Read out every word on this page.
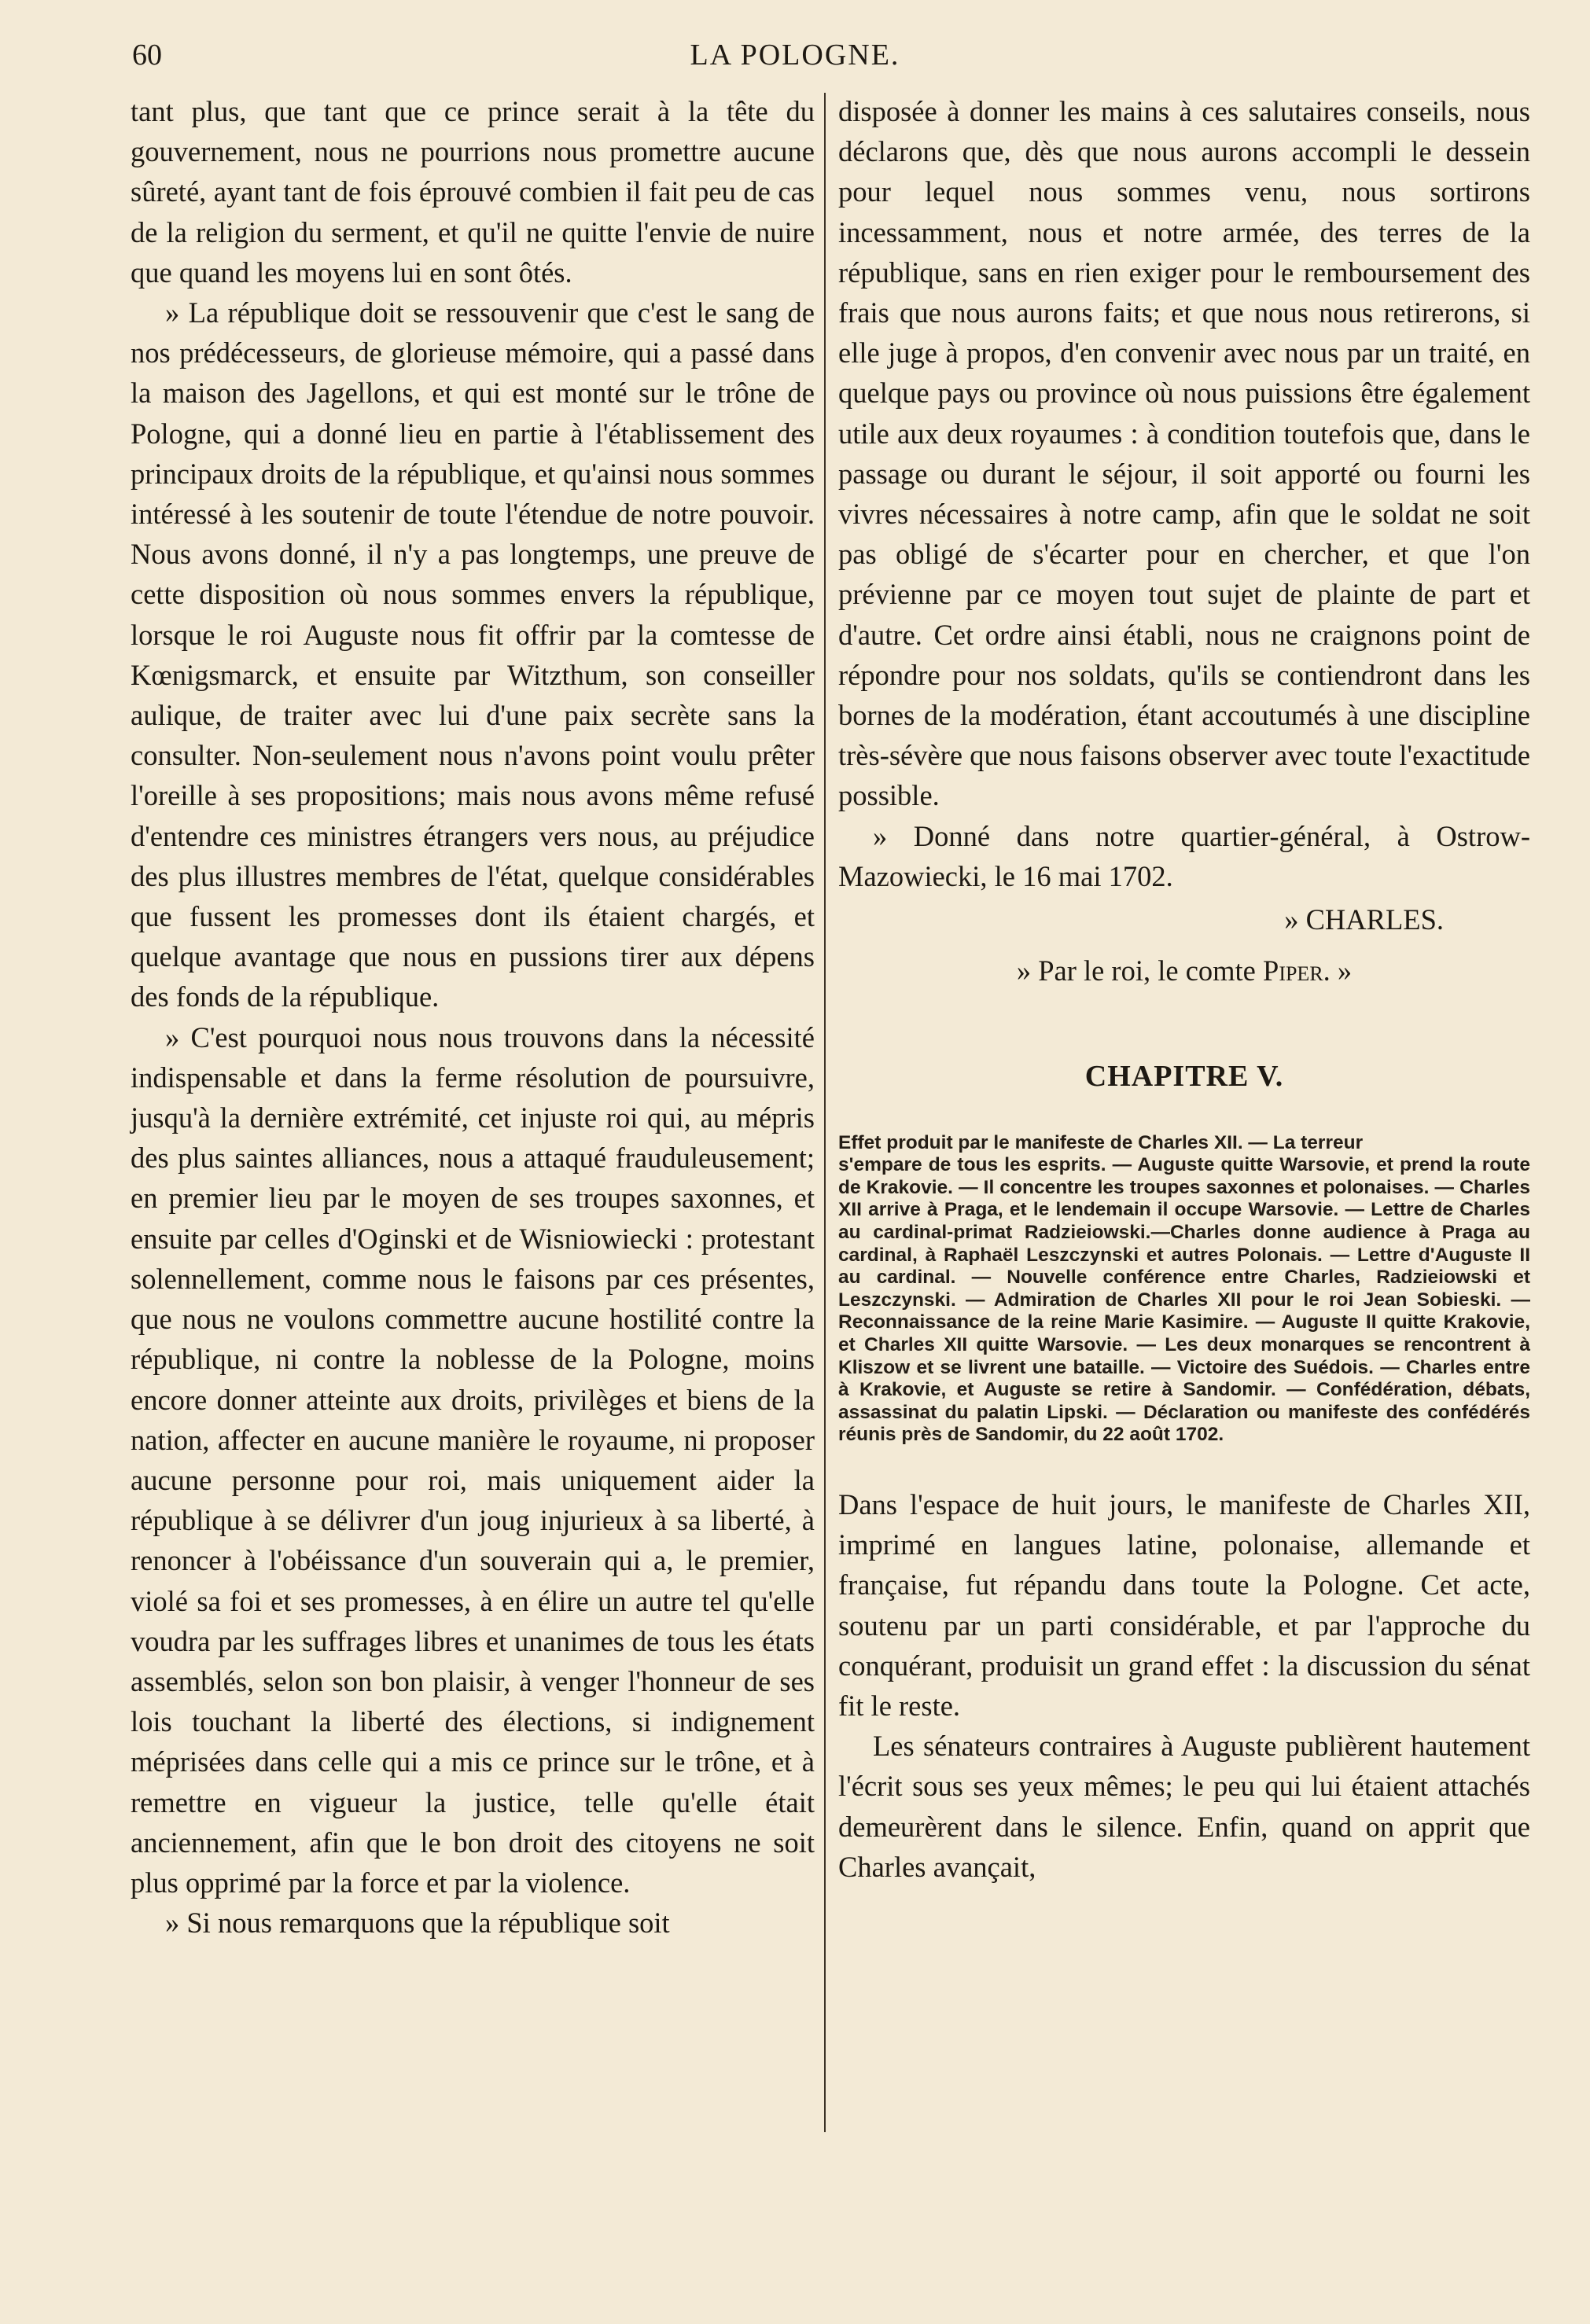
60	LA POLOGNE.

tant plus, que tant que ce prince serait à la tête du gouvernement, nous ne pourrions nous promettre aucune sûreté, ayant tant de fois éprouvé combien il fait peu de cas de la religion du serment, et qu'il ne quitte l'envie de nuire que quand les moyens lui en sont ôtés.

» La république doit se ressouvenir que c'est le sang de nos prédécesseurs, de glorieuse mémoire, qui a passé dans la maison des Jagellons, et qui est monté sur le trône de Pologne, qui a donné lieu en partie à l'établissement des principaux droits de la république, et qu'ainsi nous sommes intéressé à les soutenir de toute l'étendue de notre pouvoir. Nous avons donné, il n'y a pas longtemps, une preuve de cette disposition où nous sommes envers la république, lorsque le roi Auguste nous fit offrir par la comtesse de Kœnigsmarck, et ensuite par Witzthum, son conseiller aulique, de traiter avec lui d'une paix secrète sans la consulter. Non-seulement nous n'avons point voulu prêter l'oreille à ses propositions; mais nous avons même refusé d'entendre ces ministres étrangers vers nous, au préjudice des plus illustres membres de l'état, quelque considérables que fussent les promesses dont ils étaient chargés, et quelque avantage que nous en pussions tirer aux dépens des fonds de la république.

» C'est pourquoi nous nous trouvons dans la nécessité indispensable et dans la ferme résolution de poursuivre, jusqu'à la dernière extrémité, cet injuste roi qui, au mépris des plus saintes alliances, nous a attaqué frauduleusement; en premier lieu par le moyen de ses troupes saxonnes, et ensuite par celles d'Oginski et de Wisniowiecki : protestant solennellement, comme nous le faisons par ces présentes, que nous ne voulons commettre aucune hostilité contre la république, ni contre la noblesse de la Pologne, moins encore donner atteinte aux droits, privilèges et biens de la nation, affecter en aucune manière le royaume, ni proposer aucune personne pour roi, mais uniquement aider la république à se délivrer d'un joug injurieux à sa liberté, à renoncer à l'obéissance d'un souverain qui a, le premier, violé sa foi et ses promesses, à en élire un autre tel qu'elle voudra par les suffrages libres et unanimes de tous les états assemblés, selon son bon plaisir, à venger l'honneur de ses lois touchant la liberté des élections, si indignement méprisées dans celle qui a mis ce prince sur le trône, et à remettre en vigueur la justice, telle qu'elle était anciennement, afin que le bon droit des citoyens ne soit plus opprimé par la force et par la violence.

» Si nous remarquons que la république soit

disposée à donner les mains à ces salutaires conseils, nous déclarons que, dès que nous aurons accompli le dessein pour lequel nous sommes venu, nous sortirons incessamment, nous et notre armée, des terres de la république, sans en rien exiger pour le remboursement des frais que nous aurons faits; et que nous nous retirerons, si elle juge à propos, d'en convenir avec nous par un traité, en quelque pays ou province où nous puissions être également utile aux deux royaumes : à condition toutefois que, dans le passage ou durant le séjour, il soit apporté ou fourni les vivres nécessaires à notre camp, afin que le soldat ne soit pas obligé de s'écarter pour en chercher, et que l'on prévienne par ce moyen tout sujet de plainte de part et d'autre. Cet ordre ainsi établi, nous ne craignons point de répondre pour nos soldats, qu'ils se contiendront dans les bornes de la modération, étant accoutumés à une discipline très-sévère que nous faisons observer avec toute l'exactitude possible.

» Donné dans notre quartier-général, à Ostrow-Mazowiecki, le 16 mai 1702.

» CHARLES.
» Par le roi, le comte Piper. »
CHAPITRE V.
Effet produit par le manifeste de Charles XII. — La terreur
s'empare de tous les esprits. — Auguste quitte Warsovie, et prend la route de Krakovie. — Il concentre les troupes saxonnes et polonaises. — Charles XII arrive à Praga, et le lendemain il occupe Warsovie. — Lettre de Charles au cardinal-primat Radzieiowski.—Charles donne audience à Praga au cardinal, à Raphaël Leszczynski et autres Polonais. — Lettre d'Auguste II au cardinal. — Nouvelle conférence entre Charles, Radzieiowski et Leszczynski. — Admiration de Charles XII pour le roi Jean Sobieski. — Reconnaissance de la reine Marie Kasimire. — Auguste II quitte Krakovie, et Charles XII quitte Warsovie. — Les deux monarques se rencontrent à Kliszow et se livrent une bataille. — Victoire des Suédois. — Charles entre à Krakovie, et Auguste se retire à Sandomir. — Confédération, débats, assassinat du palatin Lipski. — Déclaration ou manifeste des confédérés réunis près de Sandomir, du 22 août 1702.

Dans l'espace de huit jours, le manifeste de Charles XII, imprimé en langues latine, polonaise, allemande et française, fut répandu dans toute la Pologne. Cet acte, soutenu par un parti considérable, et par l'approche du conquérant, produisit un grand effet : la discussion du sénat fit le reste.

Les sénateurs contraires à Auguste publièrent hautement l'écrit sous ses yeux mêmes; le peu qui lui étaient attachés demeurèrent dans le silence. Enfin, quand on apprit que Charles avançait,
